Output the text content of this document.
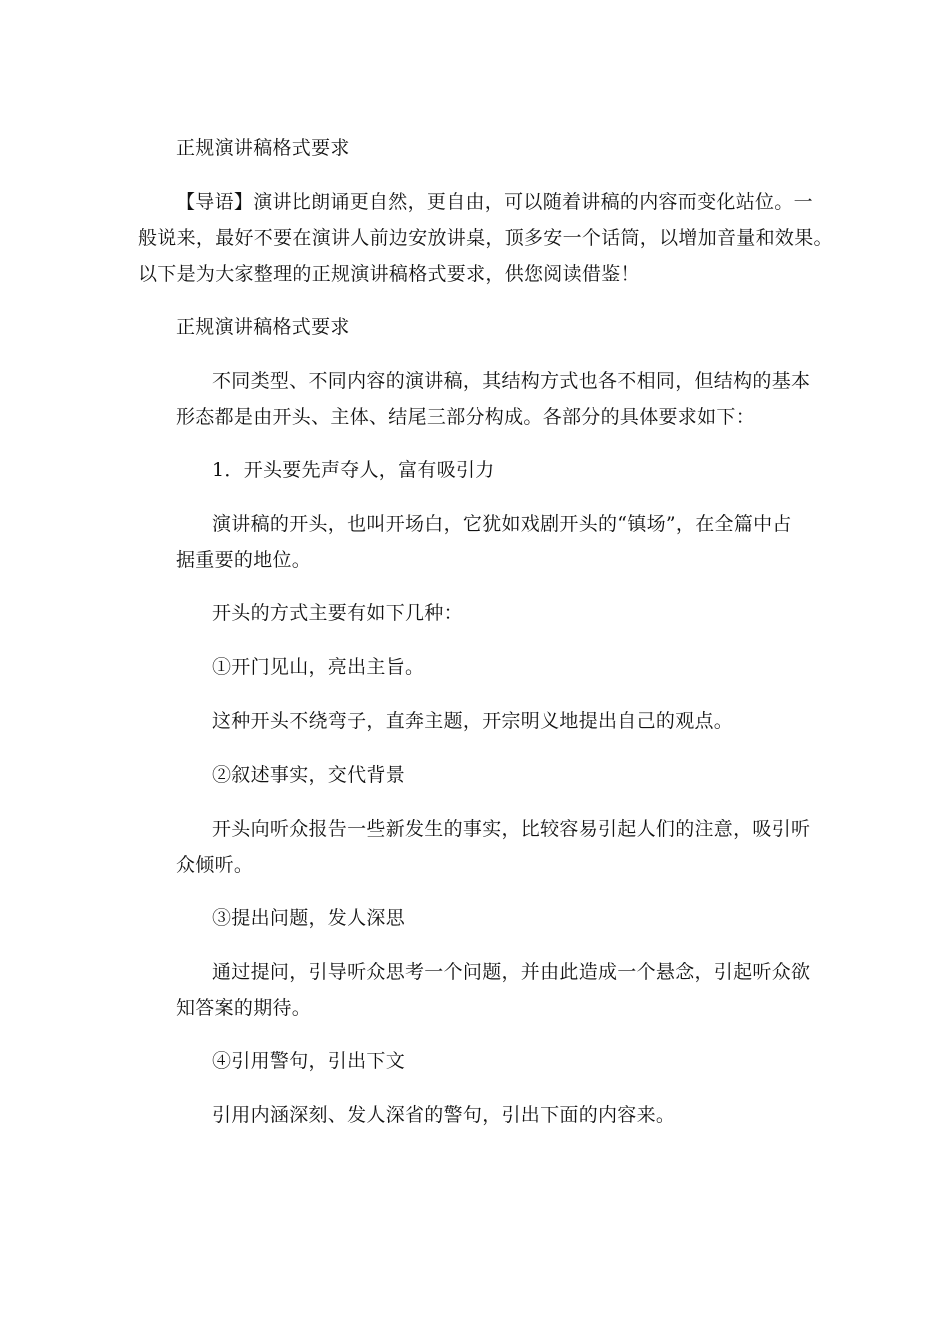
正规演讲稿格式要求

【导语】演讲比朗诵更自然，更自由，可以随着讲稿的内容而变化站位。一

般说来，最好不要在演讲人前边安放讲桌，顶多安一个话筒，以增加音量和效果。

以下是为大家整理的正规演讲稿格式要求，供您阅读借鉴！

正规演讲稿格式要求

不同类型、不同内容的演讲稿，其结构方式也各不相同，但结构的基本

形态都是由开头、主体、结尾三部分构成。各部分的具体要求如下：

1．开头要先声夺人，富有吸引力

演讲稿的开头，也叫开场白，它犹如戏剧开头的“镇场”，在全篇中占

据重要的地位。

开头的方式主要有如下几种：

①开门见山，亮出主旨。

这种开头不绕弯子，直奔主题，开宗明义地提出自己的观点。

②叙述事实，交代背景

开头向听众报告一些新发生的事实，比较容易引起人们的注意，吸引听

众倾听。

③提出问题，发人深思

通过提问，引导听众思考一个问题，并由此造成一个悬念，引起听众欲

知答案的期待。

④引用警句，引出下文

引用内涵深刻、发人深省的警句，引出下面的内容来。
